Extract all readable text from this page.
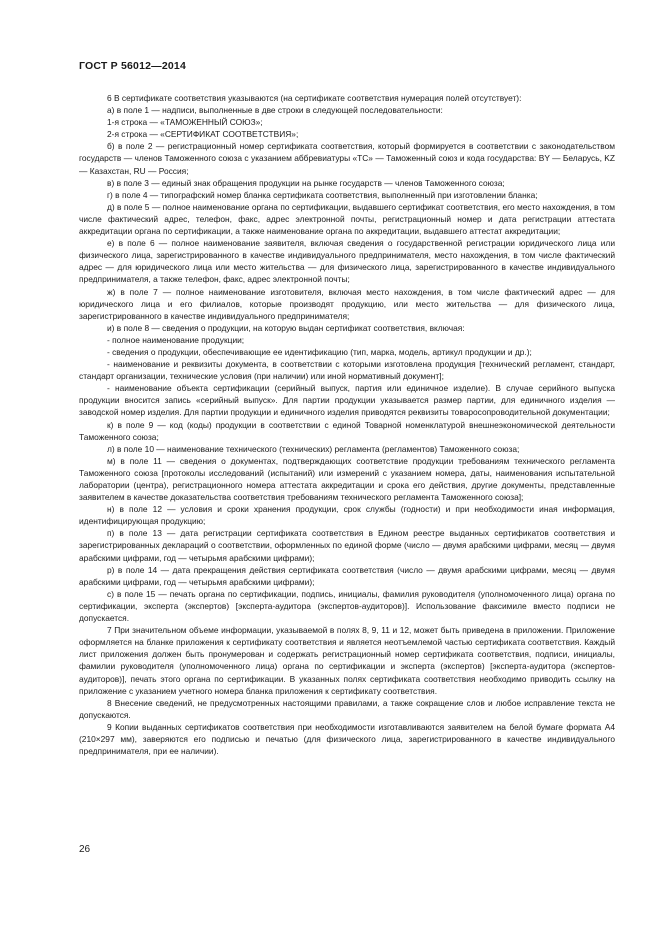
ГОСТ Р 56012—2014

6 В сертификате соответствия указываются (на сертификате соответствия нумерация полей отсутствует):

а) в поле 1 — надписи, выполненные в две строки в следующей последовательности:

1-я строка — «ТАМОЖЕННЫЙ СОЮЗ»;

2-я строка — «СЕРТИФИКАТ СООТВЕТСТВИЯ»;

б) в поле 2 — регистрационный номер сертификата соответствия, который формируется в соответствии с законодательством государств — членов Таможенного союза с указанием аббревиатуры «ТС» — Таможенный союз и кода государства: BY — Беларусь, KZ — Казахстан, RU — Россия;

в) в поле 3 — единый знак обращения продукции на рынке государств — членов Таможенного союза;

г) в поле 4 — типографский номер бланка сертификата соответствия, выполненный при изготовлении бланка;

д) в поле 5 — полное наименование органа по сертификации, выдавшего сертификат соответствия, его место нахождения, в том числе фактический адрес, телефон, факс, адрес электронной почты, регистрационный номер и дата регистрации аттестата аккредитации органа по сертификации, а также наименование органа по аккредитации, выдавшего аттестат аккредитации;

е) в поле 6 — полное наименование заявителя, включая сведения о государственной регистрации юридического лица или физического лица, зарегистрированного в качестве индивидуального предпринимателя, место нахождения, в том числе фактический адрес — для юридического лица или место жительства — для физического лица, зарегистрированного в качестве индивидуального предпринимателя, а также телефон, факс, адрес электронной почты;

ж) в поле 7 — полное наименование изготовителя, включая место нахождения, в том числе фактический адрес — для юридического лица и его филиалов, которые производят продукцию, или место жительства — для физического лица, зарегистрированного в качестве индивидуального предпринимателя;

и) в поле 8 — сведения о продукции, на которую выдан сертификат соответствия, включая:

- полное наименование продукции;

- сведения о продукции, обеспечивающие ее идентификацию (тип, марка, модель, артикул продукции и др.);

- наименование и реквизиты документа, в соответствии с которыми изготовлена продукция [технический регламент, стандарт, стандарт организации, технические условия (при наличии) или иной нормативный документ];

- наименование объекта сертификации (серийный выпуск, партия или единичное изделие). В случае серийного выпуска продукции вносится запись «серийный выпуск». Для партии продукции указывается размер партии, для единичного изделия — заводской номер изделия. Для партии продукции и единичного изделия приводятся реквизиты товаросопроводительной документации;

к) в поле 9 — код (коды) продукции в соответствии с единой Товарной номенклатурой внешнеэкономической деятельности Таможенного союза;

л) в поле 10 — наименование технического (технических) регламента (регламентов) Таможенного союза;

м) в поле 11 — сведения о документах, подтверждающих соответствие продукции требованиям технического регламента Таможенного союза [протоколы исследований (испытаний) или измерений с указанием номера, даты, наименования испытательной лаборатории (центра), регистрационного номера аттестата аккредитации и срока его действия, другие документы, представленные заявителем в качестве доказательства соответствия требованиям технического регламента Таможенного союза];

н) в поле 12 — условия и сроки хранения продукции, срок службы (годности) и при необходимости иная информация, идентифицирующая продукцию;

п) в поле 13 — дата регистрации сертификата соответствия в Едином реестре выданных сертификатов соответствия и зарегистрированных деклараций о соответствии, оформленных по единой форме (число — двумя арабскими цифрами, месяц — двумя арабскими цифрами, год — четырьмя арабскими цифрами);

р) в поле 14 — дата прекращения действия сертификата соответствия (число — двумя арабскими цифрами, месяц — двумя арабскими цифрами, год — четырьмя арабскими цифрами);

с) в поле 15 — печать органа по сертификации, подпись, инициалы, фамилия руководителя (уполномоченного лица) органа по сертификации, эксперта (экспертов) [эксперта-аудитора (экспертов-аудиторов)]. Использование факсимиле вместо подписи не допускается.

7 При значительном объеме информации, указываемой в полях 8, 9, 11 и 12, может быть приведена в приложении. Приложение оформляется на бланке приложения к сертификату соответствия и является неотъемлемой частью сертификата соответствия. Каждый лист приложения должен быть пронумерован и содержать регистрационный номер сертификата соответствия, подписи, инициалы, фамилии руководителя (уполномоченного лица) органа по сертификации и эксперта (экспертов) [эксперта-аудитора (экспертов-аудиторов)], печать этого органа по сертификации. В указанных полях сертификата соответствия необходимо приводить ссылку на приложение с указанием учетного номера бланка приложения к сертификату соответствия.

8 Внесение сведений, не предусмотренных настоящими правилами, а также сокращение слов и любое исправление текста не допускаются.

9 Копии выданных сертификатов соответствия при необходимости изготавливаются заявителем на белой бумаге формата А4 (210×297 мм), заверяются его подписью и печатью (для физического лица, зарегистрированного в качестве индивидуального предпринимателя, при ее наличии).

26
